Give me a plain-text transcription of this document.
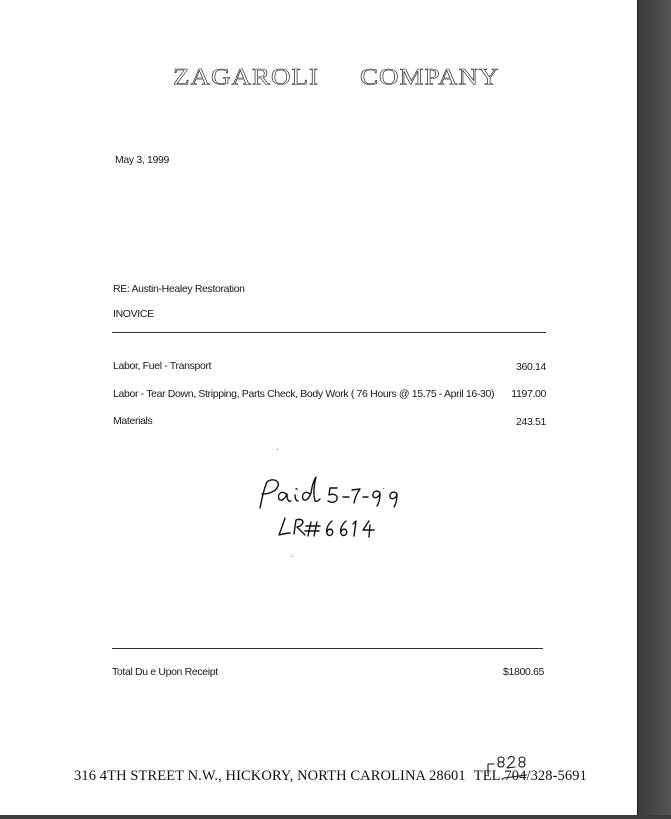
ZAGAROLI COMPANY
May 3, 1999
RE: Austin-Healey Restoration
INOVICE
Labor, Fuel - Transport	360.14
Labor - Tear Down, Stripping, Parts Check, Body Work ( 76 Hours @ 15.75 - April 16-30)	1197.00
Materials	243.51
Total Du e Upon Receipt	$1800.65
316 4TH STREET N.W., HICKORY, NORTH CAROLINA 28601 TEL.704/328-5691
